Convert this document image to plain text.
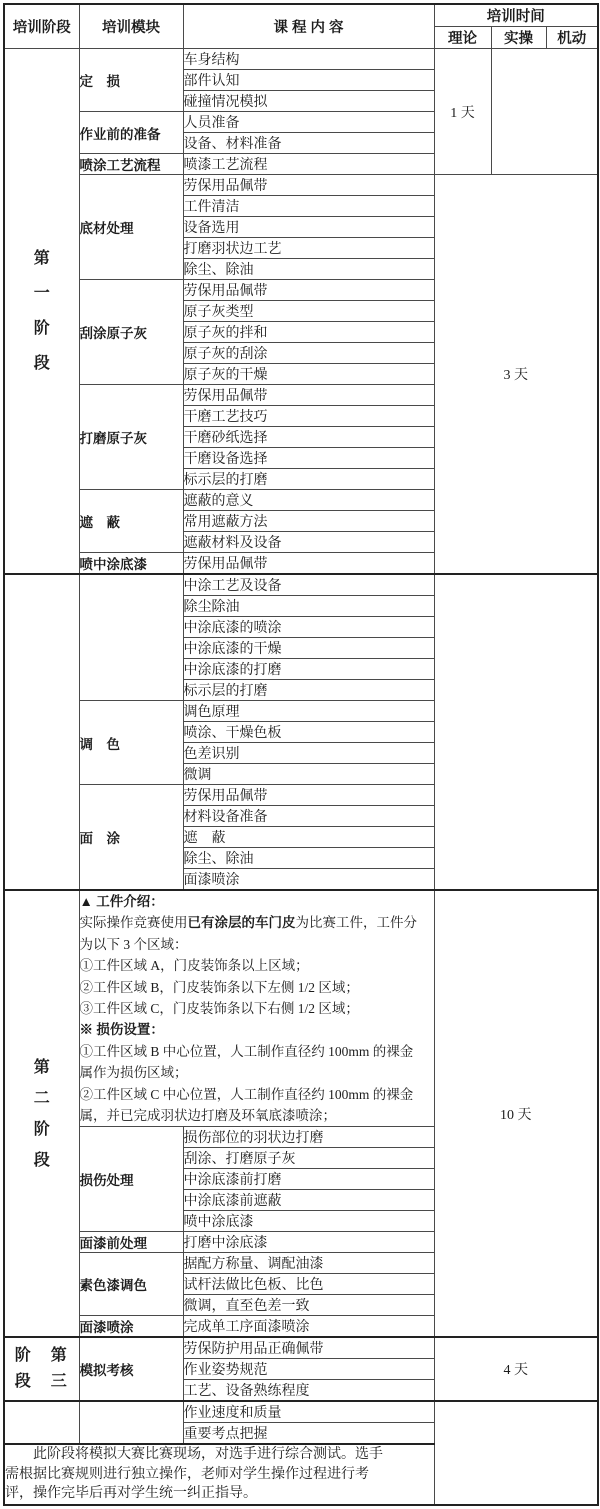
培训阶段	培训模块	课 程 内 容	培训时间		
			理论	实操	机动

第
一
阶
段	定　损	车身结构	1 天		
		部件认知			
		碰撞情况模拟			
	作业前的准备	人员准备			
		设备、材料准备			
	喷涂工艺流程	喷漆工艺流程			
	底材处理	劳保用品佩带	3 天		
		工件清洁			
		设备选用			
		打磨羽状边工艺			
		除尘、除油			
	刮涂原子灰	劳保用品佩带			
		原子灰类型			
		原子灰的拌和			
		原子灰的刮涂			
		原子灰的干燥			
	打磨原子灰	劳保用品佩带			
		干磨工艺技巧			
		干磨砂纸选择			
		干磨设备选择			
		标示层的打磨			
	遮　蔽	遮蔽的意义			
		常用遮蔽方法			
		遮蔽材料及设备			
	喷中涂底漆	劳保用品佩带			
		中涂工艺及设备			
		除尘除油			
		中涂底漆的喷涂			
		中涂底漆的干燥			
		中涂底漆的打磨			
		标示层的打磨			
	调　色	调色原理			
		喷涂、干燥色板			
		色差识别			
		微调			
	面　涂	劳保用品佩带			
		材料设备准备			
		遮　蔽			
		除尘、除油			
		面漆喷涂			

第
二
阶
段

▲ 工件介绍：
实际操作竞赛使用已有涂层的车门皮为比赛工件，工件分
为以下 3 个区域：
①工件区域 A，门皮装饰条以上区域；
②工件区域 B，门皮装饰条以下左侧 1/2 区域；
③工件区域 C，门皮装饰条以下右侧 1/2 区域；
※ 损伤设置：
①工件区域 B 中心位置，人工制作直径约 100mm 的裸金
属作为损伤区域；
②工件区域 C 中心位置，人工制作直径约 100mm 的裸金
属，并已完成羽状边打磨及环氧底漆喷涂；	10 天
	损伤处理	损伤部位的羽状边打磨			
		刮涂、打磨原子灰			
		中涂底漆前打磨			
		中涂底漆前遮蔽			
		喷中涂底漆			
	面漆前处理	打磨中涂底漆			
	素色漆调色	据配方称量、调配油漆			
		试杆法做比色板、比色			
		微调，直至色差一致			
	面漆喷涂	完成单工序面漆喷涂			

阶　第
段　三	模拟考核	劳保防护用品正确佩带	4 天		
		作业姿势规范			
		工艺、设备熟练程度			
		作业速度和质量			
		重要考点把握			

此阶段将模拟大赛比赛现场，对选手进行综合测试。选手
需根据比赛规则进行独立操作，老师对学生操作过程进行考
评，操作完毕后再对学生统一纠正指导。					
